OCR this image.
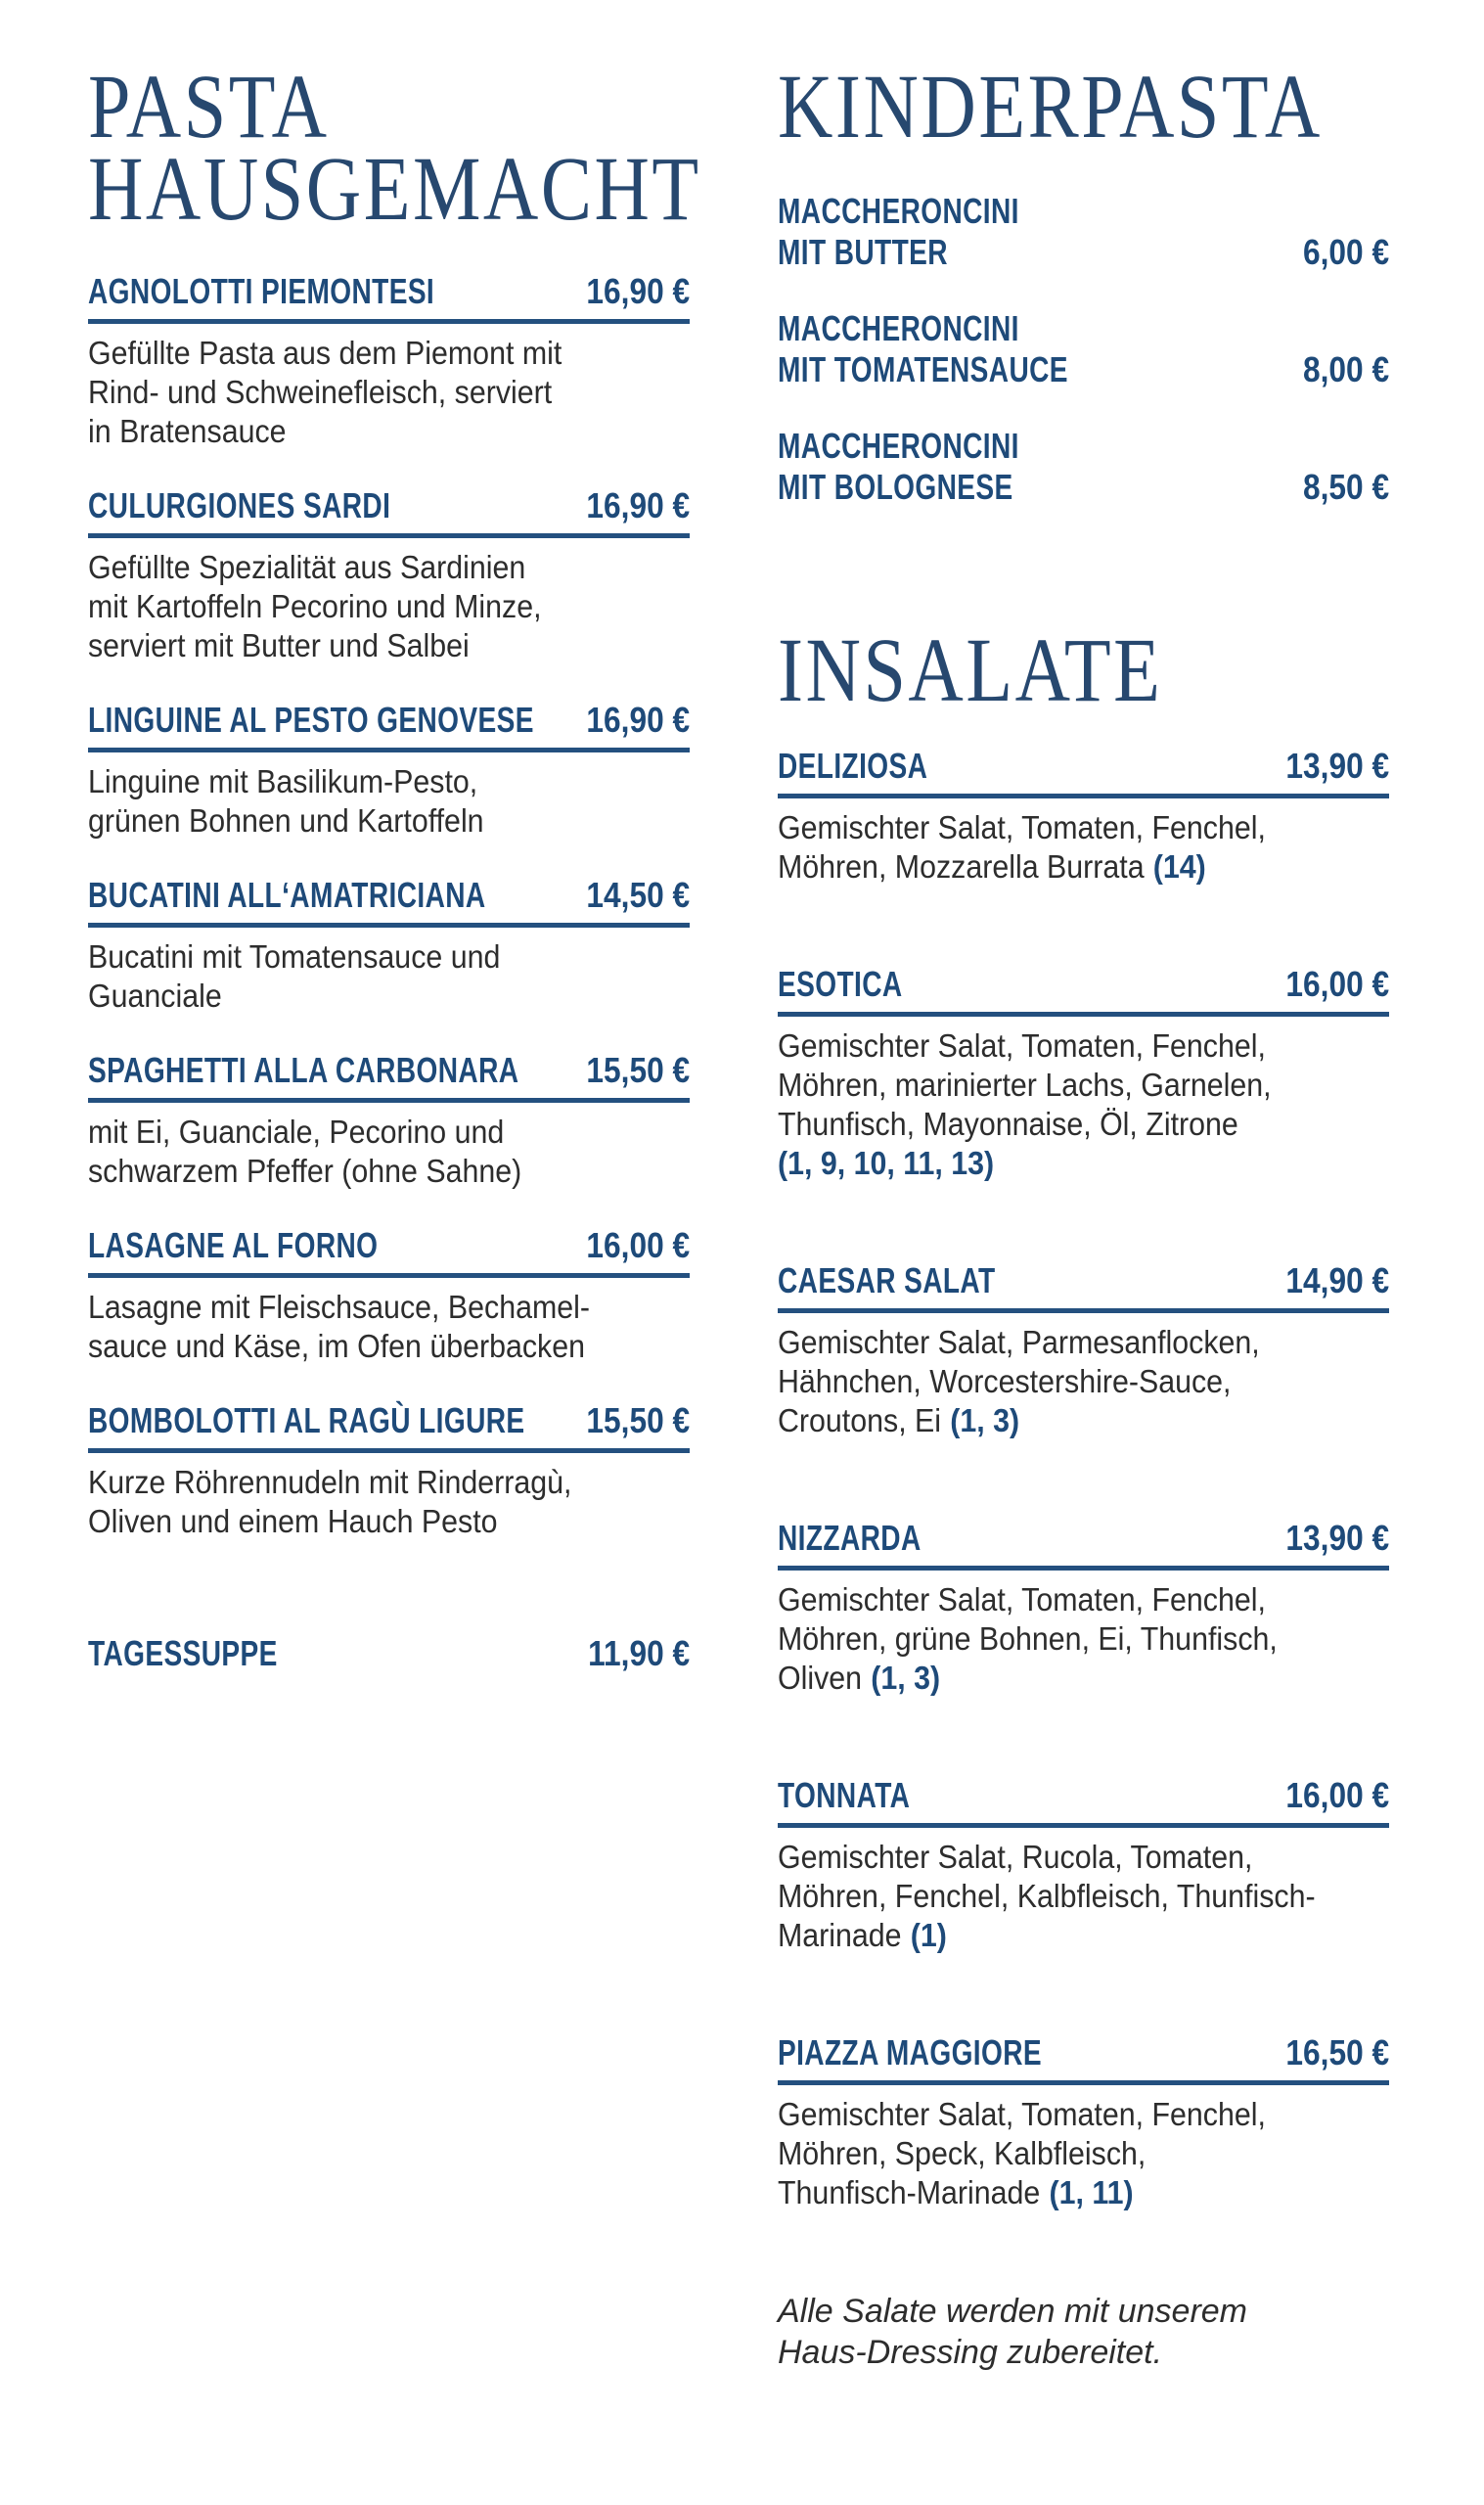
PASTA
HAUSGEMACHT
AGNOLOTTI PIEMONTESI	16,90 €
Gefüllte Pasta aus dem Piemont mit
Rind- und Schweinefleisch, serviert
in Bratensauce
CULURGIONES SARDI	16,90 €
Gefüllte Spezialität aus Sardinien
mit Kartoffeln Pecorino und Minze,
serviert mit Butter und Salbei
LINGUINE AL PESTO GENOVESE 16,90 €
Linguine mit Basilikum-Pesto,
grünen Bohnen und Kartoffeln
BUCATINI ALL‘AMATRICIANA	14,50 €
Bucatini mit Tomatensauce und
Guanciale
SPAGHETTI ALLA CARBONARA 15,50 €
mit Ei, Guanciale, Pecorino und
schwarzem Pfeffer (ohne Sahne)
LASAGNE AL FORNO	16,00 €
Lasagne mit Fleischsauce, Bechamel-
sauce und Käse, im Ofen überbacken
BOMBOLOTTI AL RAGÙ LIGURE 15,50 €
Kurze Röhrennudeln mit Rinderragù,
Oliven und einem Hauch Pesto
TAGESSUPPE	11,90 €
KINDERPASTA
MACCHERONCINI
MIT BUTTER	6,00 €
MACCHERONCINI
MIT TOMATENSAUCE	8,00 €
MACCHERONCINI
MIT BOLOGNESE	8,50 €
INSALATE
DELIZIOSA	13,90 €
Gemischter Salat, Tomaten, Fenchel,
Möhren, Mozzarella Burrata (14)
ESOTICA	16,00 €
Gemischter Salat, Tomaten, Fenchel,
Möhren, marinierter Lachs, Garnelen,
Thunfisch, Mayonnaise, Öl, Zitrone
(1, 9, 10, 11, 13)
CAESAR SALAT	14,90 €
Gemischter Salat, Parmesanflocken,
Hähnchen, Worcestershire-Sauce,
Croutons, Ei (1, 3)
NIZZARDA	13,90 €
Gemischter Salat, Tomaten, Fenchel,
Möhren, grüne Bohnen, Ei, Thunfisch,
Oliven (1, 3)
TONNATA	16,00 €
Gemischter Salat, Rucola, Tomaten,
Möhren, Fenchel, Kalbfleisch, Thunfisch-
Marinade (1)
PIAZZA MAGGIORE	16,50 €
Gemischter Salat, Tomaten, Fenchel,
Möhren, Speck, Kalbfleisch,
Thunfisch-Marinade (1, 11)
Alle Salate werden mit unserem
Haus-Dressing zubereitet.
